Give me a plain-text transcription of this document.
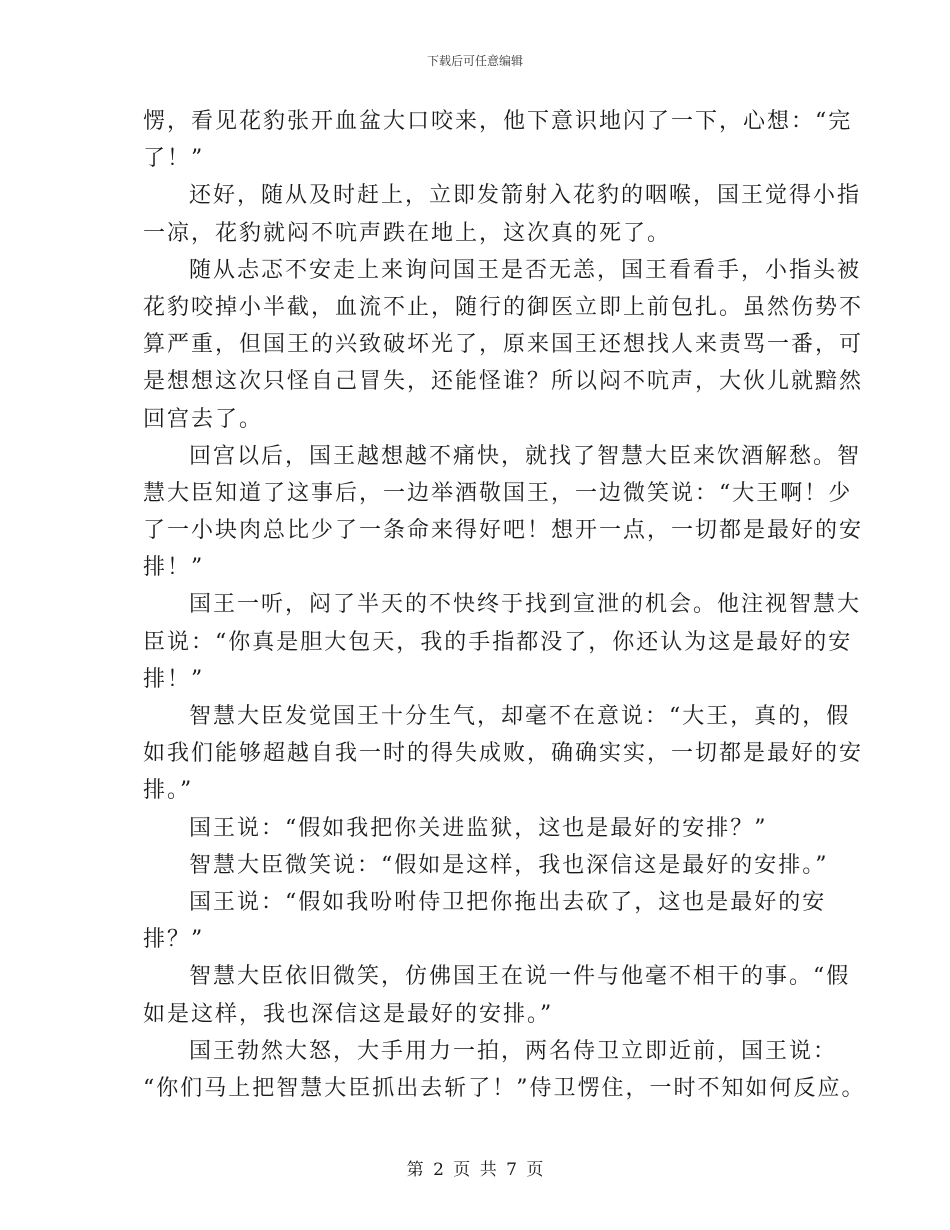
下载后可任意编辑
愣，看见花豹张开血盆大口咬来，他下意识地闪了一下，心想：“完
了！”
还好，随从及时赶上，立即发箭射入花豹的咽喉，国王觉得小指
一凉，花豹就闷不吭声跌在地上，这次真的死了。
随从忐忑不安走上来询问国王是否无恙，国王看看手，小指头被
花豹咬掉小半截，血流不止，随行的御医立即上前包扎。虽然伤势不
算严重，但国王的兴致破坏光了，原来国王还想找人来责骂一番，可
是想想这次只怪自己冒失，还能怪谁？所以闷不吭声，大伙儿就黯然
回宫去了。
回宫以后，国王越想越不痛快，就找了智慧大臣来饮酒解愁。智
慧大臣知道了这事后，一边举酒敬国王，一边微笑说：“大王啊！少
了一小块肉总比少了一条命来得好吧！想开一点，一切都是最好的安
排！”
国王一听，闷了半天的不快终于找到宣泄的机会。他注视智慧大
臣说：“你真是胆大包天，我的手指都没了，你还认为这是最好的安
排！”
智慧大臣发觉国王十分生气，却毫不在意说：“大王，真的，假
如我们能够超越自我一时的得失成败，确确实实，一切都是最好的安
排。”
国王说：“假如我把你关进监狱，这也是最好的安排？”
智慧大臣微笑说：“假如是这样，我也深信这是最好的安排。”
国王说：“假如我吩咐侍卫把你拖出去砍了，这也是最好的安
排？”
智慧大臣依旧微笑，仿佛国王在说一件与他毫不相干的事。“假
如是这样，我也深信这是最好的安排。”
国王勃然大怒，大手用力一拍，两名侍卫立即近前，国王说：
“你们马上把智慧大臣抓出去斩了！”侍卫愣住，一时不知如何反应。
第 2 页 共 7 页
